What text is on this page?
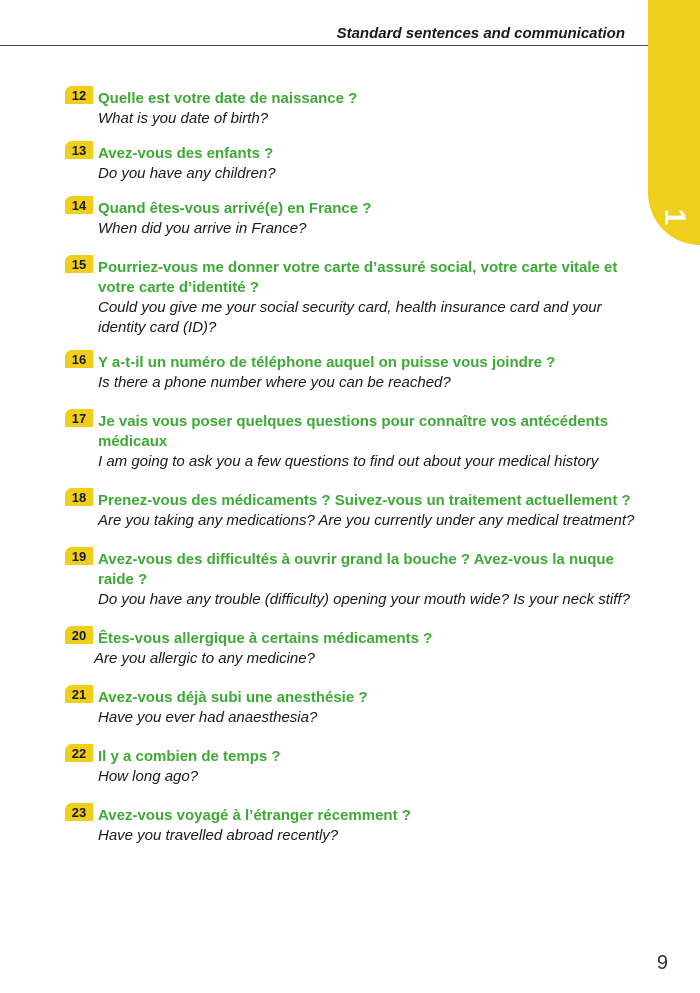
Standard sentences and communication
1
12 Quelle est votre date de naissance ?
What is you date of birth?
13 Avez-vous des enfants ?
Do you have any children?
14 Quand êtes-vous arrivé(e) en France ?
When did you arrive in France?
15 Pourriez-vous me donner votre carte d’assuré social, votre carte vitale et votre carte d’identité ?
Could you give me your social security card, health insurance card and your identity card (ID)?
16 Y a-t-il un numéro de téléphone auquel on puisse vous joindre ?
Is there a phone number where you can be reached?
17 Je vais vous poser quelques questions pour connaître vos antécédents médicaux
I am going to ask you a few questions to find out about your medical history
18 Prenez-vous des médicaments ? Suivez-vous un traitement actuellement ?
Are you taking any medications? Are you currently under any medical treatment?
19 Avez-vous des difficultés à ouvrir grand la bouche ? Avez-vous la nuque raide ?
Do you have any trouble (difficulty) opening your mouth wide? Is your neck stiff?
20 Êtes-vous allergique à certains médicaments ?
Are you allergic to any medicine?
21 Avez-vous déjà subi une anesthésie ?
Have you ever had anaesthesia?
22 Il y a combien de temps ?
How long ago?
23 Avez-vous voyagé à l’étranger récemment ?
Have you travelled abroad recently?
9
